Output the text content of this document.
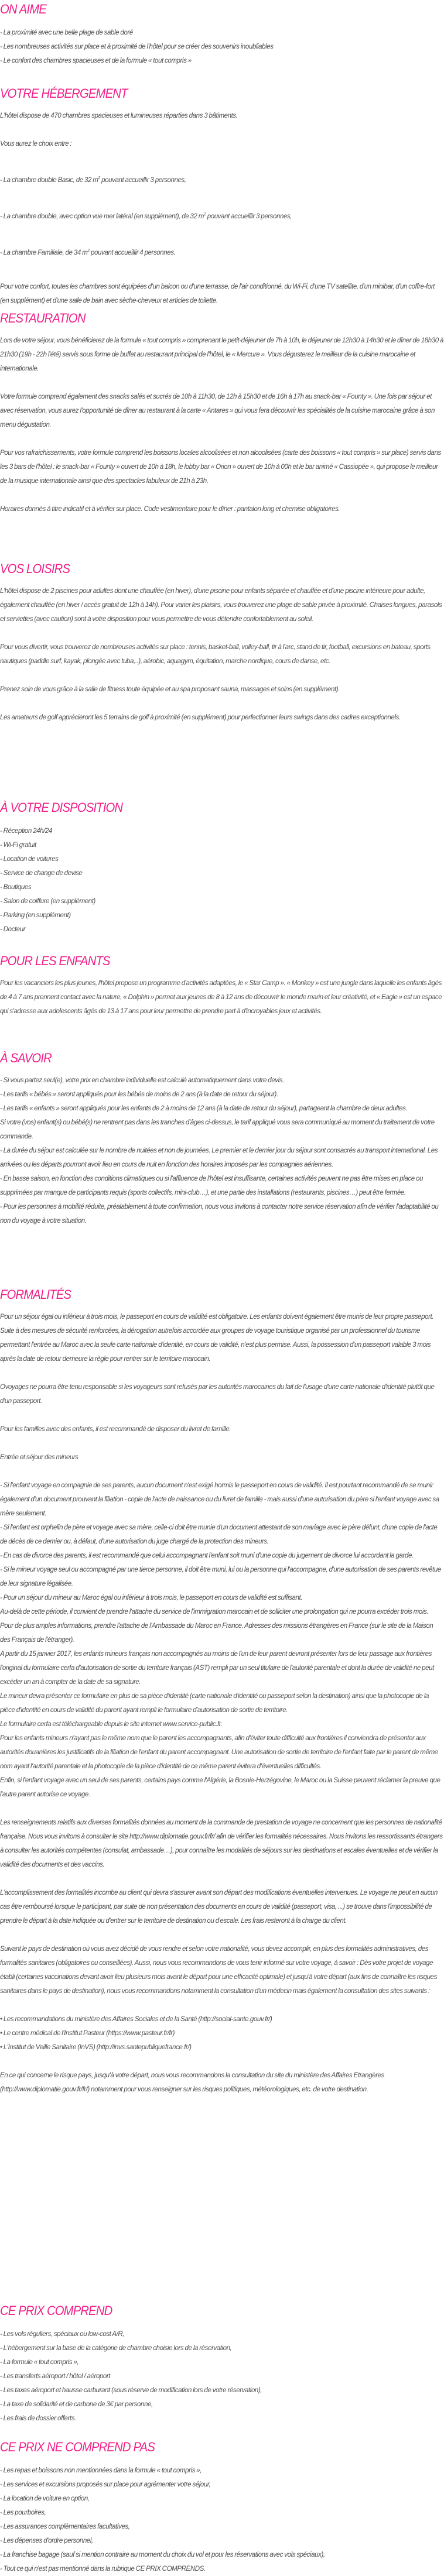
ON AIME
- La proximité avec une belle plage de sable doré
- Les nombreuses activités sur place et à proximité de l'hôtel pour se créer des souvenirs inoubliables
- Le confort des chambres spacieuses et de la formule « tout compris »
VOTRE HÉBERGEMENT

L'hôtel dispose de 470 chambres spacieuses et lumineuses réparties dans 3 bâtiments.

Vous aurez le choix entre :

- La chambre double Basic, de 32 $m^2$ pouvant accueillir 3 personnes,
- La chambre double, avec option vue mer latéral (en supplément), de 32 $m^2$ pouvant accueillir 3 personnes,
- La chambre Familiale, de 34 $m^2$ pouvant accueillir 4 personnes.

Pour votre confort, toutes les chambres sont équipées d'un balcon ou d'une terrasse, de l'air conditionné, du Wi-Fi, d'une TV satellite, d'un minibar, d'un coffre-fort (en supplément) et d'une salle de bain avec sèche-cheveux et articles de toilette.

RESTAURATION

Lors de votre séjour, vous bénéficierez de la formule « tout compris » comprenant le petit-déjeuner de 7h à 10h, le déjeuner de 12h30 à 14h30 et le dîner de 18h30 à 21h30 (19h - 22h l'été) servis sous forme de buffet au restaurant principal de l'hôtel, le « Mercure ». Vous dégusterez le meilleur de la cuisine marocaine et internationale.

Votre formule comprend également des snacks salés et sucrés de 10h à 11h30, de 12h à 15h30 et de 16h à 17h au snack-bar « Founty ». Une fois par séjour et avec réservation, vous aurez l'opportunité de dîner au restaurant à la carte « Antares » qui vous fera découvrir les spécialités de la cuisine marocaine grâce à son menu dégustation.

Pour vos rafraichissements, votre formule comprend les boissons locales alcoolisées et non alcoolisées (carte des boissons « tout compris » sur place) servis dans les 3 bars de l'hôtel : le snack-bar « Founty » ouvert de 10h à 18h, le lobby bar « Orion » ouvert de 10h à 00h et le bar animé « Cassiopée », qui propose le meilleur de la musique internationale ainsi que des spectacles fabuleux de 21h à 23h.

Horaires donnés à titre indicatif et à vérifier sur place. Code vestimentaire pour le dîner : pantalon long et chemise obligatoires.

VOS LOISIRS

L'hôtel dispose de 2 piscines pour adultes dont une chauffée (en hiver), d'une piscine pour enfants séparée et chauffée et d'une piscine intérieure pour adulte, également chauffée (en hiver / accès gratuit de 12h à 14h). Pour varier les plaisirs, vous trouverez une plage de sable privée à proximité. Chaises longues, parasols et serviettes (avec caution) sont à votre disposition pour vous permettre de vous détendre confortablement au soleil.

Pour vous divertir, vous trouverez de nombreuses activités sur place : tennis, basket-ball, volley-ball, tir à l'arc, stand de tir, football, excursions en bateau, sports nautiques (paddle surf, kayak, plongée avec tuba,..), aérobic, aquagym, équitation, marche nordique, cours de danse, etc.

Prenez soin de vous grâce à la salle de fitness toute équipée et au spa proposant sauna, massages et soins (en supplément).

Les amateurs de golf apprécieront les 5 terrains de golf à proximité (en supplément) pour perfectionner leurs swings dans des cadres exceptionnels.

À VOTRE DISPOSITION
- Réception 24h/24
- Wi-Fi gratuit
- Location de voitures
- Service de change de devise
- Boutiques
- Salon de coiffure (en supplément)
- Parking (en supplément)
- Docteur
POUR LES ENFANTS

Pour les vacanciers les plus jeunes, l'hôtel propose un programme d'activités adaptées, le « Star Camp ». « Monkey » est une jungle dans laquelle les enfants âgés de 4 à 7 ans prennent contact avec la nature, « Dolphin » permet aux jeunes de 8 à 12 ans de découvrir le monde marin et leur créativité, et « Eagle » est un espace qui s'adresse aux adolescents âgés de 13 à 17 ans pour leur permettre de prendre part à d'incroyables jeux et activités.

À SAVOIR

- Si vous partez seul(e), votre prix en chambre individuelle est calculé automatiquement dans votre devis.

- Les tarifs « bébés » seront appliqués pour les bébés de moins de 2 ans (à la date de retour du séjour).

- Les tarifs « enfants » seront appliqués pour les enfants de 2 à moins de 12 ans (à la date de retour du séjour), partageant la chambre de deux adultes.

Si votre (vos) enfant(s) ou bébé(s) ne rentrent pas dans les tranches d'âges ci-dessus, le tarif appliqué vous sera communiqué au moment du traitement de votre commande.

- La durée du séjour est calculée sur le nombre de nuitées et non de journées. Le premier et le dernier jour du séjour sont consacrés au transport international. Les arrivées ou les départs pourront avoir lieu en cours de nuit en fonction des horaires imposés par les compagnies aériennes.

- En basse saison, en fonction des conditions climatiques ou si l'affluence de l'hôtel est insuffisante, certaines activités peuvent ne pas être mises en place ou supprimées par manque de participants requis (sports collectifs, mini-club…), et une partie des installations (restaurants, piscines…) peut être fermée.

- Pour les personnes à mobilité réduite, préalablement à toute confirmation, nous vous invitons à contacter notre service réservation afin de vérifier l'adaptabilité ou non du voyage à votre situation.

FORMALITÉS

Pour un séjour égal ou inférieur à trois mois, le passeport en cours de validité est obligatoire. Les enfants doivent également être munis de leur propre passeport.

Suite à des mesures de sécurité renforcées, la dérogation autrefois accordée aux groupes de voyage touristique organisé par un professionnel du tourisme permettant l'entrée au Maroc avec la seule carte nationale d'identité, en cours de validité, n'est plus permise. Aussi, la possession d'un passeport valable 3 mois après la date de retour demeure la règle pour rentrer sur le territoire marocain.

Ovoyages ne pourra être tenu responsable si les voyageurs sont refusés par les autorités marocaines du fait de l'usage d'une carte nationale d'identité plutôt que d'un passeport.

Pour les familles avec des enfants, il est recommandé de disposer du livret de famille.

Entrée et séjour des mineurs

- Si l'enfant voyage en compagnie de ses parents, aucun document n'est exigé hormis le passeport en cours de validité. Il est pourtant recommandé de se munir également d'un document prouvant la filiation - copie de l'acte de naissance ou du livret de famille - mais aussi d'une autorisation du père si l'enfant voyage avec sa mère seulement.

- Si l'enfant est orphelin de père et voyage avec sa mère, celle-ci doit être munie d'un document attestant de son mariage avec le père défunt, d'une copie de l'acte de décès de ce dernier ou, à défaut, d'une autorisation du juge chargé de la protection des mineurs.

- En cas de divorce des parents, il est recommandé que celui accompagnant l'enfant soit muni d'une copie du jugement de divorce lui accordant la garde.

- Si le mineur voyage seul ou accompagné par une tierce personne, il doit être muni, lui ou la personne qui l'accompagne, d'une autorisation de ses parents revêtue de leur signature légalisée.

- Pour un séjour du mineur au Maroc égal ou inférieur à trois mois, le passeport en cours de validité est suffisant.

Au-delà de cette période, il convient de prendre l'attache du service de l'immigration marocain et de solliciter une prolongation qui ne pourra excéder trois mois.

Pour de plus amples informations, prendre l'attache de l'Ambassade du Maroc en France. Adresses des missions étrangères en France (sur le site de la Maison des Français de l'étranger).

A partir du 15 janvier 2017, les enfants mineurs français non accompagnés au moins de l'un de leur parent devront présenter lors de leur passage aux frontières l'original du formulaire cerfa d'autorisation de sortie du territoire français (AST) rempli par un seul titulaire de l'autorité parentale et dont la durée de validité ne peut excéder un an à compter de la date de sa signature.

Le mineur devra présenter ce formulaire en plus de sa pièce d'identité (carte nationale d'identité ou passeport selon la destination) ainsi que la photocopie de la pièce d'identité en cours de validité du parent ayant rempli le formulaire d'autorisation de sortie de territoire.

Le formulaire cerfa est téléchargeable depuis le site internet www.service-public.fr.

Pour les enfants mineurs n'ayant pas le même nom que le parent les accompagnants, afin d'éviter toute difficulté aux frontières il conviendra de présenter aux autorités douanières les justificatifs de la filiation de l'enfant du parent accompagnant. Une autorisation de sortie de territoire de l'enfant faite par le parent de même nom ayant l'autorité parentale et la photocopie de la pièce d'identité de ce même parent évitera d'éventuelles difficultés.

Enfin, si l'enfant voyage avec un seul de ses parents, certains pays comme l'Algérie, la Bosnie-Herzégovine, le Maroc ou la Suisse peuvent réclamer la preuve que l'autre parent autorise ce voyage.

Les renseignements relatifs aux diverses formalités données au moment de la commande de prestation de voyage ne concernent que les personnes de nationalité française. Nous vous invitons à consulter le site http://www.diplomatie.gouv.fr/fr/ afin de vérifier les formalités nécessaires. Nous invitons les ressortissants étrangers à consulter les autorités compétentes (consulat, ambassade…), pour connaître les modalités de séjours sur les destinations et escales éventuelles et de vérifier la validité des documents et des vaccins.

L'accomplissement des formalités incombe au client qui devra s'assurer avant son départ des modifications éventuelles intervenues. Le voyage ne peut en aucun cas être remboursé lorsque le participant, par suite de non présentation des documents en cours de validité (passeport, visa, ...) se trouve dans l'impossibilité de prendre le départ à la date indiquée ou d'entrer sur le territoire de destination ou d'escale. Les frais resteront à la charge du client.

Suivant le pays de destination où vous avez décidé de vous rendre et selon votre nationalité, vous devez accomplir, en plus des formalités administratives, des formalités sanitaires (obligatoires ou conseillées). Aussi, nous vous recommandons de vous tenir informé sur votre voyage, à savoir : Dès votre projet de voyage établi (certaines vaccinations devant avoir lieu plusieurs mois avant le départ pour une efficacité optimale) et jusqu'à votre départ (aux fins de connaître les risques sanitaires dans le pays de destination), nous vous recommandons notamment la consultation d'un médecin mais également la consultation des sites suivants :

• Les recommandations du ministère des Affaires Sociales et de la Santé (http://social-sante.gouv.fr/)
• Le centre médical de l'Institut Pasteur (https://www.pasteur.fr/fr)
• L'Institut de Veille Sanitaire (InVS) (http://invs.santepubliquefrance.fr/)

En ce qui concerne le risque pays, jusqu'à votre départ, nous vous recommandons la consultation du site du ministère des Affaires Etrangères (http://www.diplomatie.gouv.fr/fr/) notamment pour vous renseigner sur les risques politiques, météorologiques, etc. de votre destination.

CE PRIX COMPREND
- Les vols réguliers, spéciaux ou low-cost A/R,
- L'hébergement sur la base de la catégorie de chambre choisie lors de la réservation,
- La formule « tout compris »,
- Les transferts aéroport / hôtel / aéroport
- Les taxes aéroport et hausse carburant (sous réserve de modification lors de votre réservation),
- La taxe de solidarité et de carbone de 3€ par personne,
- Les frais de dossier offerts.
CE PRIX NE COMPREND PAS
- Les repas et boissons non mentionnées dans la formule « tout compris »,
- Les services et excursions proposés sur place pour agrémenter votre séjour,
- La location de voiture en option,
- Les pourboires,
- Les assurances complémentaires facultatives,
- Les dépenses d'ordre personnel,
- La franchise bagage (sauf si mention contraire au moment du choix du vol et pour les réservations avec vols spéciaux),
- Tout ce qui n'est pas mentionné dans la rubrique CE PRIX COMPRENDS.
